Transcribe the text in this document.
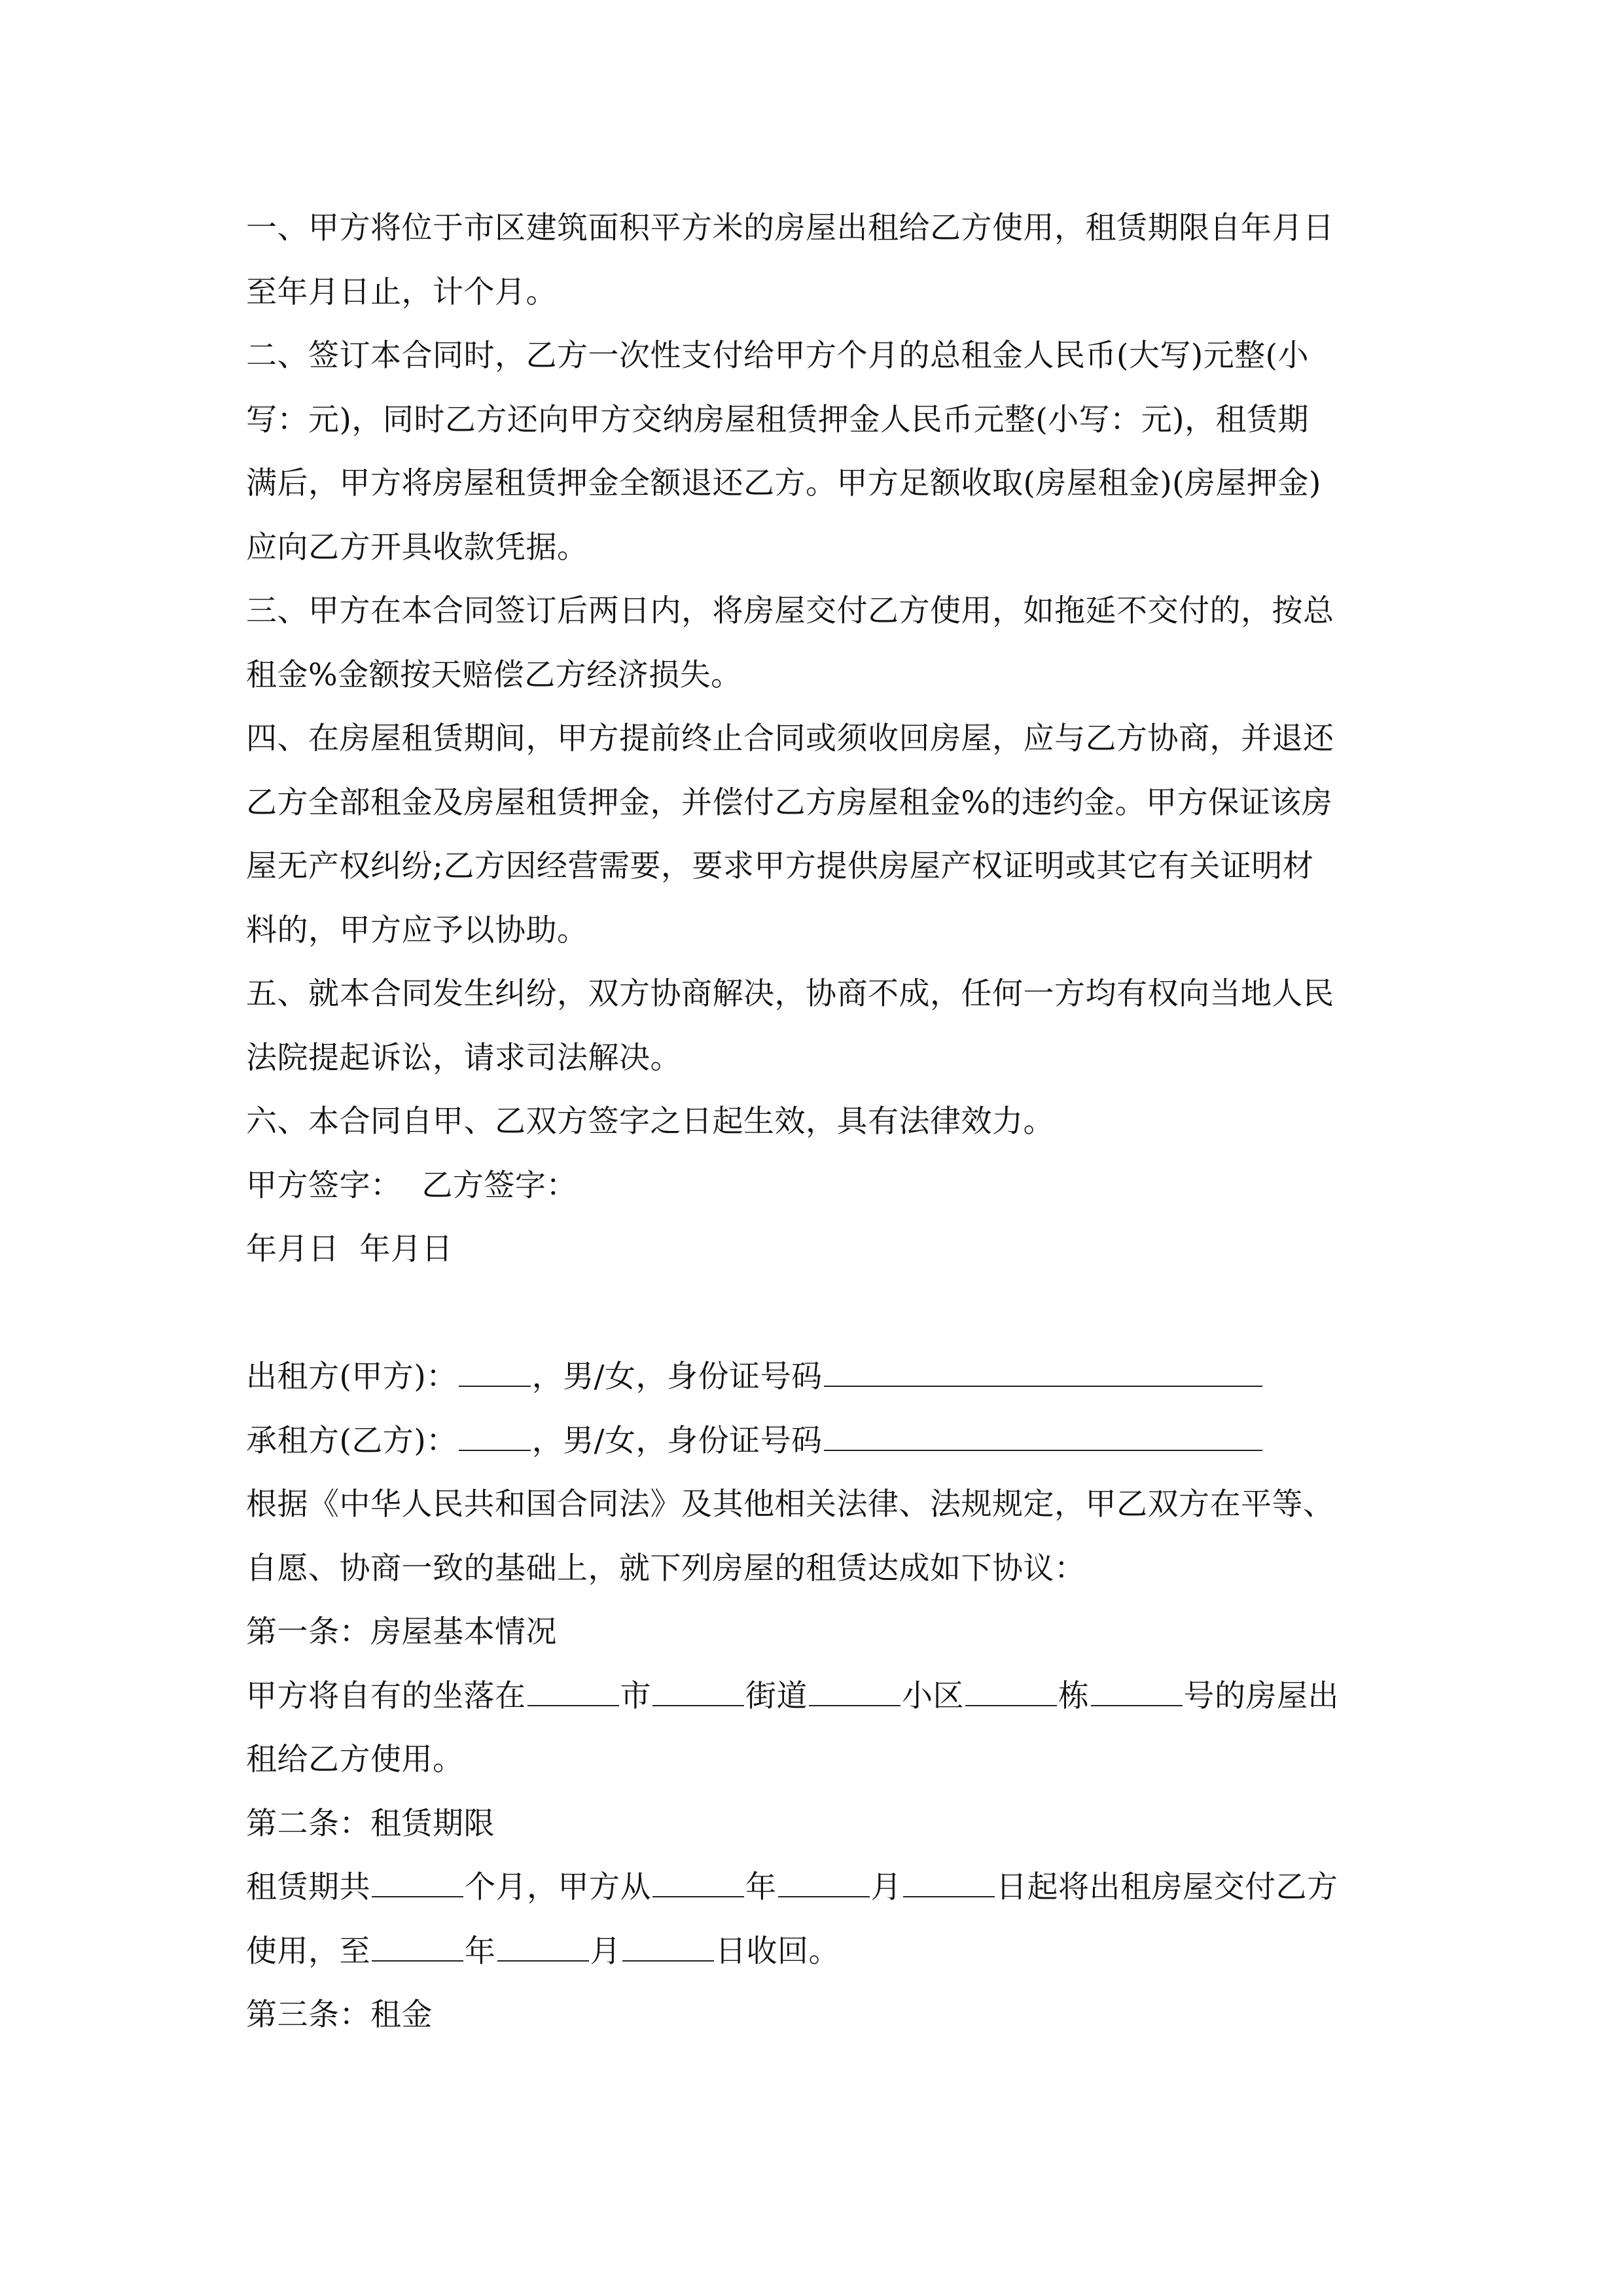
一、甲方将位于市区建筑面积平方米的房屋出租给乙方使用，租赁期限自年月日
至年月日止，计个月。
二、签订本合同时，乙方一次性支付给甲方个月的总租金人民币(大写)元整(小
写：元)，同时乙方还向甲方交纳房屋租赁押金人民币元整(小写：元)，租赁期
满后，甲方将房屋租赁押金全额退还乙方。甲方足额收取(房屋租金)(房屋押金)
应向乙方开具收款凭据。
三、甲方在本合同签订后两日内，将房屋交付乙方使用，如拖延不交付的，按总
租金%金额按天赔偿乙方经济损失。
四、在房屋租赁期间，甲方提前终止合同或须收回房屋，应与乙方协商，并退还
乙方全部租金及房屋租赁押金，并偿付乙方房屋租金%的违约金。甲方保证该房
屋无产权纠纷;乙方因经营需要，要求甲方提供房屋产权证明或其它有关证明材
料的，甲方应予以协助。
五、就本合同发生纠纷，双方协商解决，协商不成，任何一方均有权向当地人民
法院提起诉讼，请求司法解决。
六、本合同自甲、乙双方签字之日起生效，具有法律效力。
甲方签字：  乙方签字：
年月日  年月日
出租方(甲方)： ，男/女，身份证号码
承租方(乙方)： ，男/女，身份证号码
根据《中华人民共和国合同法》及其他相关法律、法规规定，甲乙双方在平等、
自愿、协商一致的基础上，就下列房屋的租赁达成如下协议：
第一条：房屋基本情况
甲方将自有的坐落在	市	街道	小区	栋	号的房屋出
租给乙方使用。
第二条：租赁期限
租赁期共	个月，甲方从	年	月	日起将出租房屋交付乙方
使用，至	年	月	日收回。
第三条：租金
